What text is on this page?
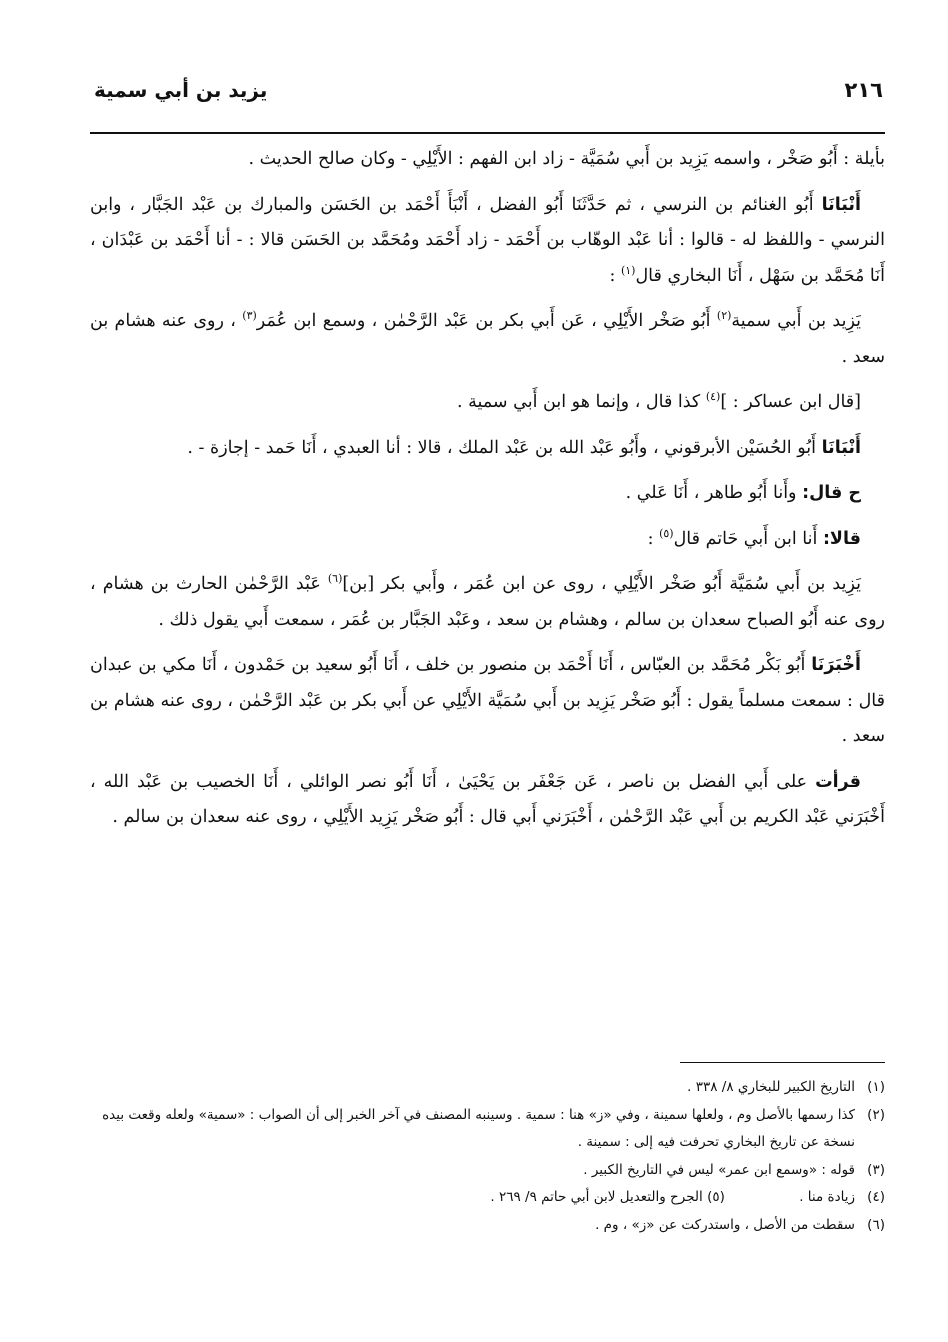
٢١٦
يزيد بن أبي سمية

بأيلة : أَبُو صَخْر ، واسمه يَزِيد بن أَبي سُمَيَّة - زاد ابن الفهم : الأَيْلِي - وكان صالح الحديث .

أَنْبَانَا أَبُو الغنائم بن النرسي ، ثم حَدَّثَنَا أَبُو الفضل ، أَنْبَأَ أَحْمَد بن الحَسَن والمبارك بن عَبْد الجَبَّار ، وابن النرسي - واللفظ له - قالوا : أنا عَبْد الوهّاب بن أَحْمَد - زاد أَحْمَد ومُحَمَّد بن الحَسَن قالا : - أنا أَحْمَد بن عَبْدَان ، أَنَا مُحَمَّد بن سَهْل ، أَنَا البخاري قال$^{(١)}$ :

يَزِيد بن أَبي سمية$^{(٢)}$ أَبُو صَخْر الأَيْلِي ، عَن أَبي بكر بن عَبْد الرَّحْمٰن ، وسمع ابن عُمَر$^{(٣)}$ ، روى عنه هشام بن سعد .

[قال ابن عساكر : ]$^{(٤)}$ كذا قال ، وإنما هو ابن أَبي سمية .

أَنْبَانَا أَبُو الحُسَيْن الأبرقوني ، وأَبُو عَبْد الله بن عَبْد الملك ، قالا : أنا العبدي ، أَنَا حَمد - إجازة - .

ح قال: وأَنا أَبُو طاهر ، أَنَا عَلي .

قالا: أَنا ابن أَبي حَاتم قال$^{(٥)}$ :

يَزِيد بن أَبي سُمَيَّة أَبُو صَخْر الأَيْلِي ، روى عن ابن عُمَر ، وأَبي بكر [بن]$^{(٦)}$ عَبْد الرَّحْمٰن الحارث بن هشام ، روى عنه أَبُو الصباح سعدان بن سالم ، وهشام بن سعد ، وعَبْد الجَبَّار بن عُمَر ، سمعت أَبي يقول ذلك .

أَخْبَرَنَا أَبُو بَكْر مُحَمَّد بن العبّاس ، أَنَا أَحْمَد بن منصور بن خلف ، أَنَا أَبُو سعيد بن حَمْدون ، أَنَا مكي بن عبدان قال : سمعت مسلماً يقول : أَبُو صَخْر يَزِيد بن أَبي سُمَيَّة الأَيْلِي عن أَبي بكر بن عَبْد الرَّحْمٰن ، روى عنه هشام بن سعد .

قرأت على أَبي الفضل بن ناصر ، عَن جَعْفَر بن يَحْيَىٰ ، أَنَا أَبُو نصر الوائلي ، أَنَا الخصيب بن عَبْد الله ، أَخْبَرَني عَبْد الكريم بن أَبي عَبْد الرَّحْمٰن ، أَخْبَرَني أَبي قال : أَبُو صَخْر يَزِيد الأَيْلِي ، روى عنه سعدان بن سالم .

(١)
التاريخ الكبير للبخاري ٨/ ٣٣٨ .
(٢)
كذا رسمها بالأصل وم ، ولعلها سمينة ، وفي «ز» هنا : سمية . وسينبه المصنف في آخر الخبر إلى أن الصواب : «سمية» ولعله وقعت بيده نسخة عن تاريخ البخاري تحرفت فيه إلى : سمينة .
(٣)
قوله : «وسمع ابن عمر» ليس في التاريخ الكبير .
(٤)
زيادة منا . (٥) الجرح والتعديل لابن أبي حاتم ٩/ ٢٦٩ .
(٦)
سقطت من الأصل ، واستدركت عن «ز» ، وم .
